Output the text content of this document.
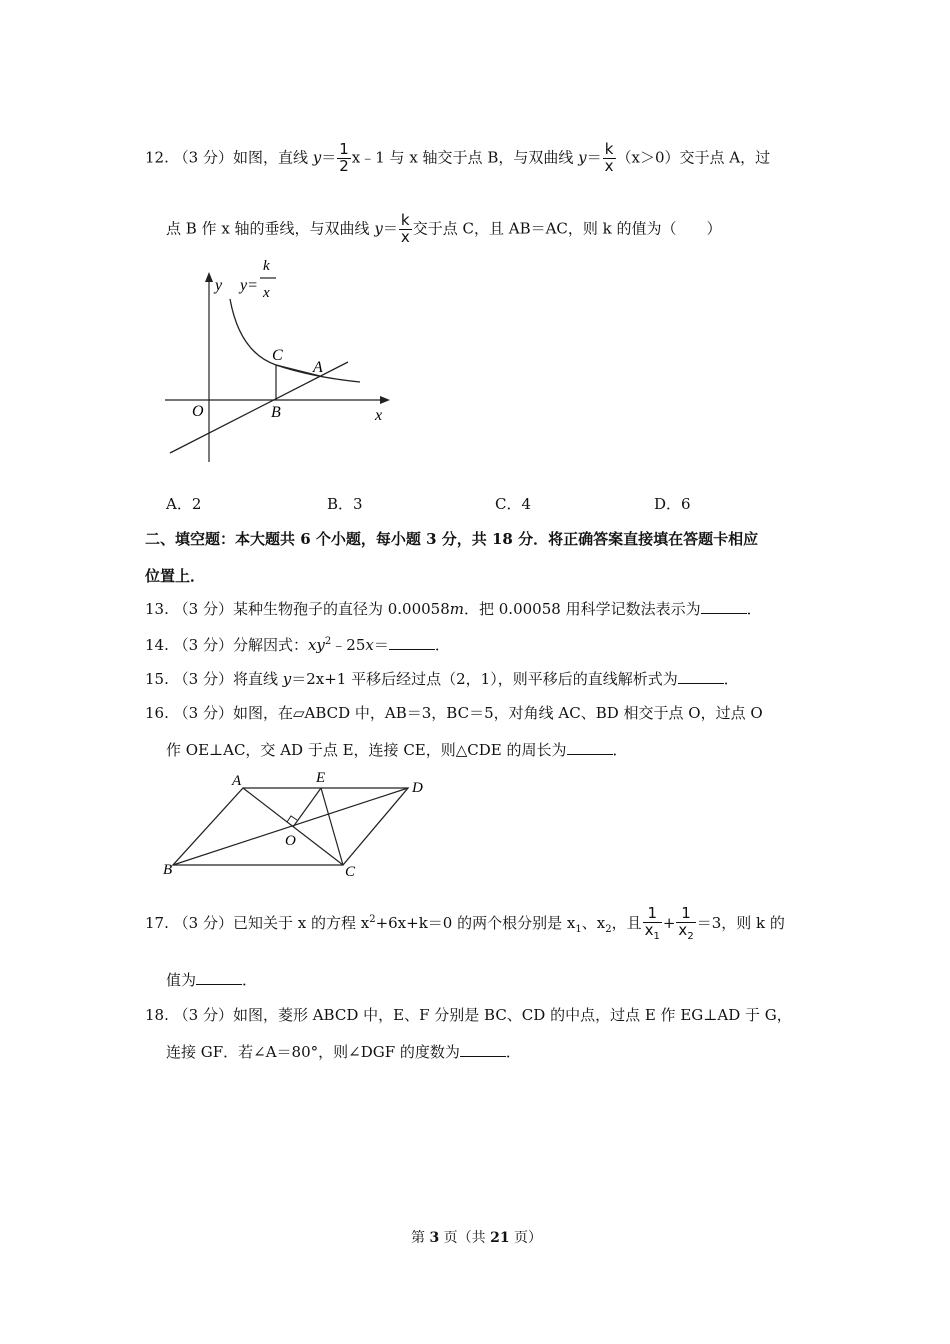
12. （3 分）如图，直线 $y= \frac{1}{2}$ x﹣1 与 x 轴交于点 B，与双曲线 $y= \frac{k}{x} (x>0)$交于点 A，过
点 B 作 x 轴的垂线，与双曲线 $y= \frac{k}{x}$ 交于点 C，且 AB＝AC，则 k 的值为（　　）
y y=
k
x
x
O	B
C
A
A．2	B．3	C．4	D．6
二、填空题：本大题共 6 个小题，每小题 3 分，共 18 分．将正确答案直接填在答题卡相应
位置上．
13. （3 分）某种生物孢子的直径为 0.00058m．把 0.00058 用科学记数法表示为	．
14. （3 分）分解因式：$xy^2﹣25x=$	．
15. （3 分）将直线 y＝2x+1 平移后经过点（2，1），则平移后的直线解析式为	．
16. （3 分）如图，在▱ABCD 中，AB＝3，BC＝5，对角线 AC、BD 相交于点 O，过点 O
作 OE⊥AC，交 AD 于点 E，连接 CE，则△CDE 的周长为	．
A	E
D
O
B	C
17. （3 分）已知关于 x 的方程 $x^2+6x+k=0$ 的两个根分别是 $x_1$、$x_2$，且 $\frac{1}{x_1} + \frac{1}{x_2} =3$，则 k 的
值为	．
18. （3 分）如图，菱形 ABCD 中，E、F 分别是 BC、CD 的中点，过点 E 作 EG⊥AD 于 G，
连接 GF．若∠A＝80°，则∠DGF 的度数为	．
第 3 页（共 21 页）
